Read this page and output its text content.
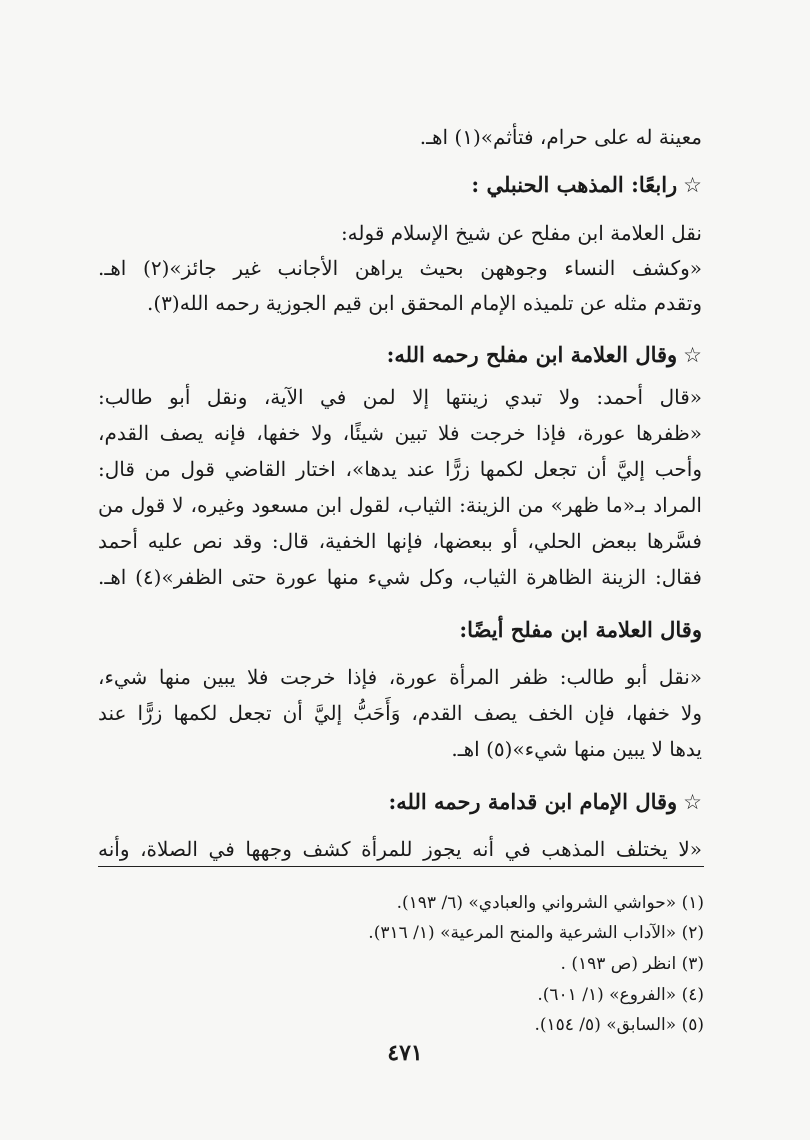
معينة له على حرام، فتأثم»(١) اهـ.
☆رابعًا: المذهب الحنبلي :
نقل العلامة ابن مفلح عن شيخ الإسلام قوله:
«وكشف النساء وجوههن بحيث يراهن الأجانب غير جائز»(٢) اهـ.
وتقدم مثله عن تلميذه الإمام المحقق ابن قيم الجوزية رحمه الله(٣).
☆وقال العلامة ابن مفلح رحمه الله:
«قال أحمد: ولا تبدي زينتها إلا لمن في الآية، ونقل أبو طالب:
«ظفرها عورة، فإذا خرجت فلا تبين شيئًا، ولا خفها، فإنه يصف القدم،
وأحب إليَّ أن تجعل لكمها زرًّا عند يدها»، اختار القاضي قول من قال:
المراد بـ«ما ظهر» من الزينة: الثياب، لقول ابن مسعود وغيره، لا قول من
فسَّرها ببعض الحلي، أو ببعضها، فإنها الخفية، قال: وقد نص عليه أحمد
فقال: الزينة الظاهرة الثياب، وكل شيء منها عورة حتى الظفر»(٤) اهـ.
وقال العلامة ابن مفلح أيضًا:
«نقل أبو طالب: ظفر المرأة عورة، فإذا خرجت فلا يبين منها شيء،
ولا خفها، فإن الخف يصف القدم، وَأَحَبُّ إليَّ أن تجعل لكمها زرًّا عند
يدها لا يبين منها شيء»(٥) اهـ.
☆وقال الإمام ابن قدامة رحمه الله:
«لا يختلف المذهب في أنه يجوز للمرأة كشف وجهها في الصلاة، وأنه
(١) «حواشي الشرواني والعبادي» (٦/ ١٩٣).
(٢) «الآداب الشرعية والمنح المرعية» (١/ ٣١٦).
(٣) انظر (ص ١٩٣) .
(٤) «الفروع» (١/ ٦٠١).
(٥) «السابق» (٥/ ١٥٤).
٤٧١
